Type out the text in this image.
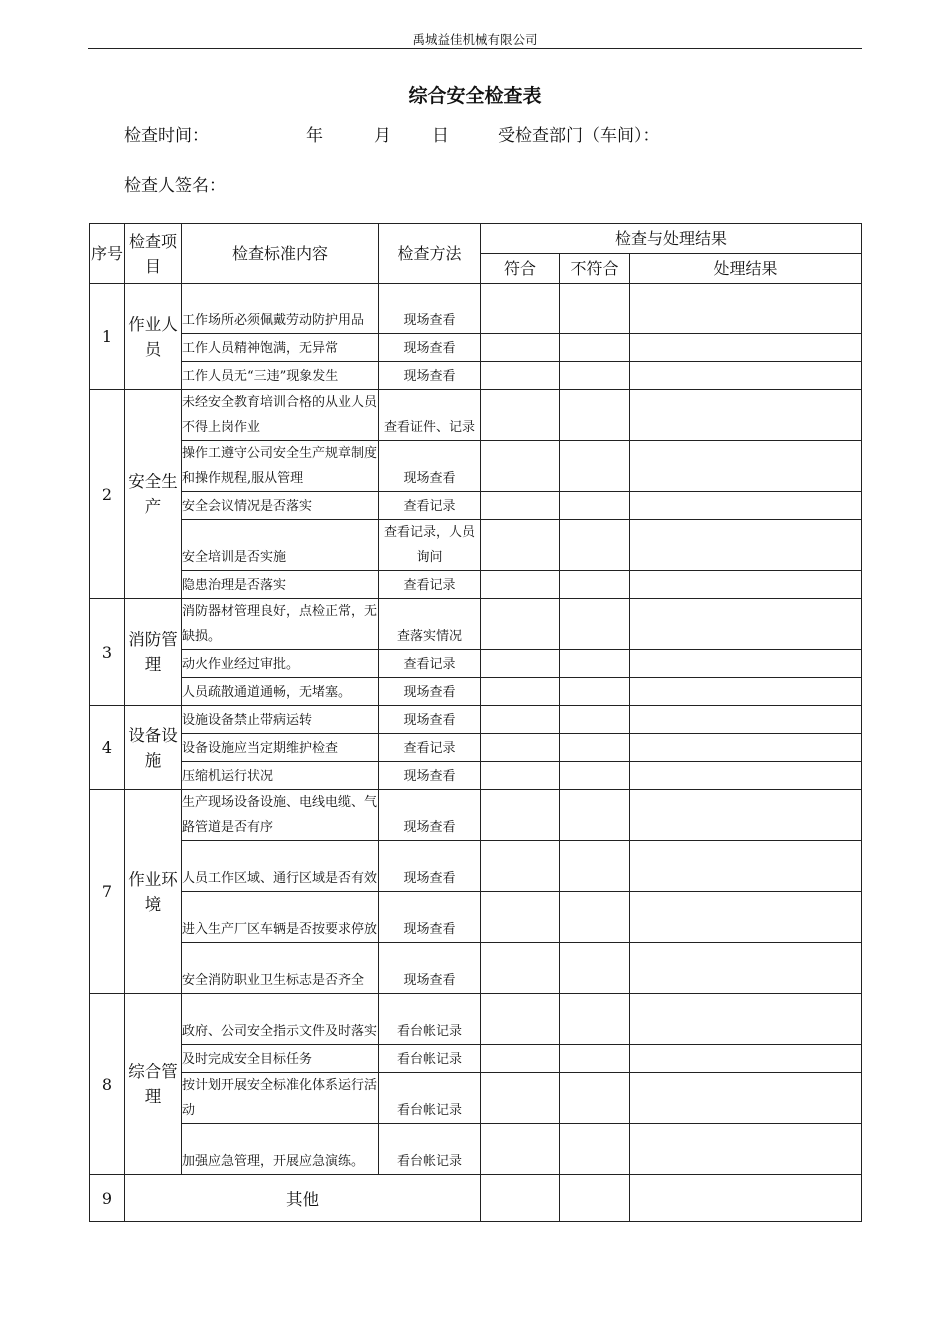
禹城益佳机械有限公司
综合安全检查表
检查时间：	年	月 日	受检查部门（车间）：
检查人签名：
序号	检查项目	检查标准内容	检查方法	检查与处理结果		
				符合	不符合	处理结果
1	作业人员	工作场所必须佩戴劳动防护用品	现场查看			
		工作人员精神饱满，无异常	现场查看			
		工作人员无“三违”现象发生	现场查看			
2	安全生产	未经安全教育培训合格的从业人员不得上岗作业	查看证件、记录			
		操作工遵守公司安全生产规章制度和操作规程,服从管理	现场查看			
		安全会议情况是否落实	查看记录			
		安全培训是否实施	查看记录，人员询问			
		隐患治理是否落实	查看记录			
3	消防管理	消防器材管理良好，点检正常，无缺损。	查落实情况			
		动火作业经过审批。	查看记录			
		人员疏散通道通畅，无堵塞。	现场查看			
4	设备设施	设施设备禁止带病运转	现场查看			
		设备设施应当定期维护检查	查看记录			
		压缩机运行状况	现场查看			
7	作业环境	生产现场设备设施、电线电缆、气路管道是否有序	现场查看			
		人员工作区域、通行区域是否有效	现场查看			
		进入生产厂区车辆是否按要求停放	现场查看			
		安全消防职业卫生标志是否齐全	现场查看			
8	综合管理	政府、公司安全指示文件及时落实	看台帐记录			
		及时完成安全目标任务	看台帐记录			
		按计划开展安全标准化体系运行活动	看台帐记录			
		加强应急管理，开展应急演练。	看台帐记录			
9	其他					
